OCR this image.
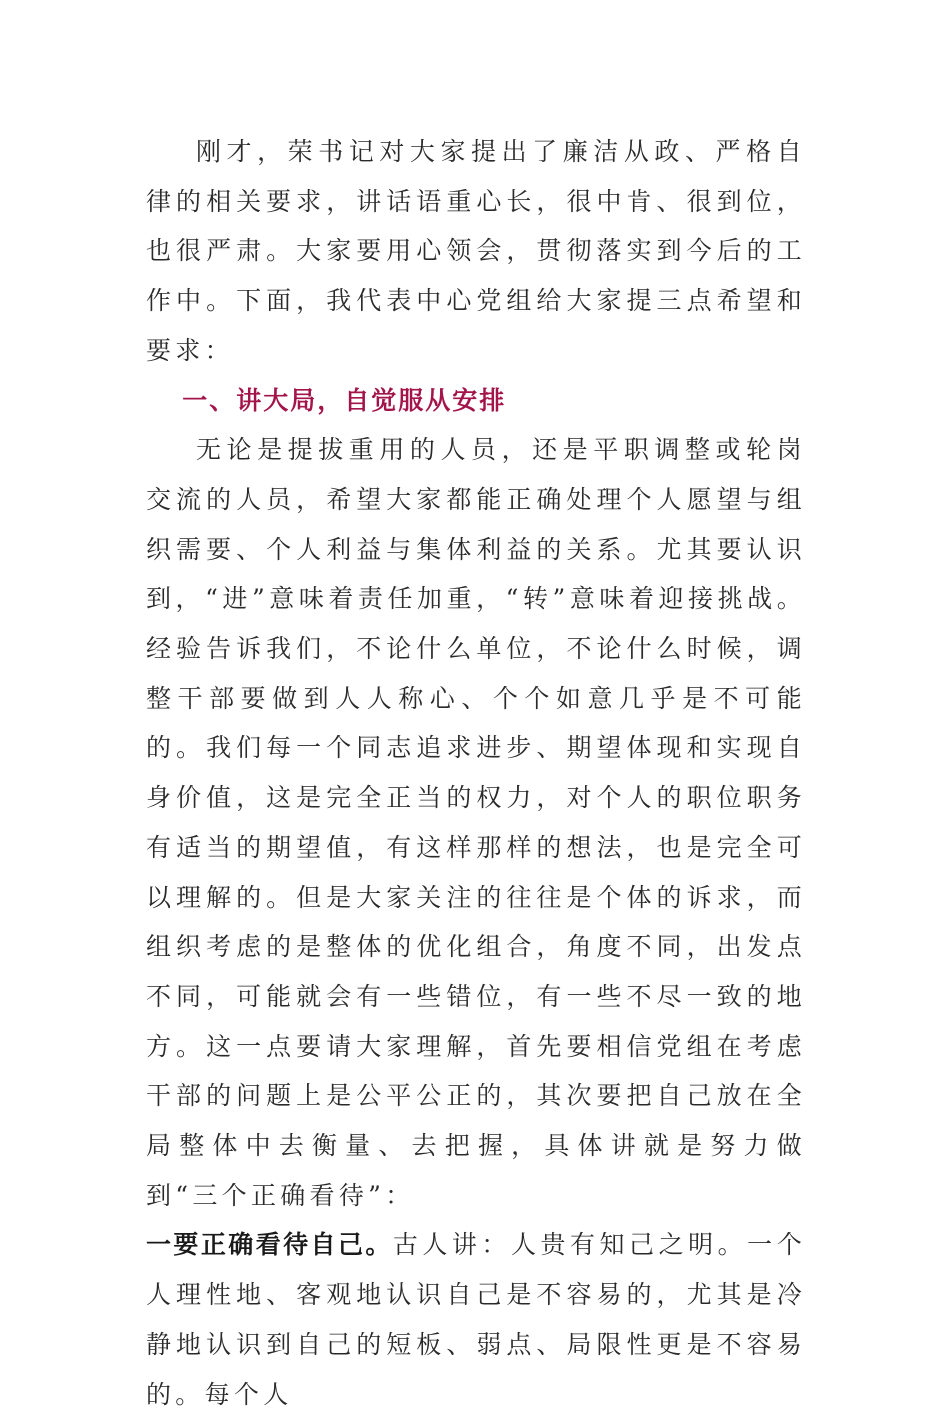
刚才，荣书记对大家提出了廉洁从政、严格自律的相关要求，讲话语重心长，很中肯、很到位，也很严肃。大家要用心领会，贯彻落实到今后的工作中。下面，我代表中心党组给大家提三点希望和要求：

一、讲大局，自觉服从安排

无论是提拔重用的人员，还是平职调整或轮岗交流的人员，希望大家都能正确处理个人愿望与组织需要、个人利益与集体利益的关系。尤其要认识到，“进”意味着责任加重，“转”意味着迎接挑战。经验告诉我们，不论什么单位，不论什么时候，调整干部要做到人人称心、个个如意几乎是不可能的。我们每一个同志追求进步、期望体现和实现自身价值，这是完全正当的权力，对个人的职位职务有适当的期望值，有这样那样的想法，也是完全可以理解的。但是大家关注的往往是个体的诉求，而组织考虑的是整体的优化组合，角度不同，出发点不同，可能就会有一些错位，有一些不尽一致的地方。这一点要请大家理解，首先要相信党组在考虑干部的问题上是公平公正的，其次要把自己放在全局整体中去衡量、去把握，具体讲就是努力做到“三个正确看待”：

一要正确看待自己。古人讲：人贵有知己之明。一个人理性地、客观地认识自己是不容易的，尤其是冷静地认识到自己的短板、弱点、局限性更是不容易的。每个人
